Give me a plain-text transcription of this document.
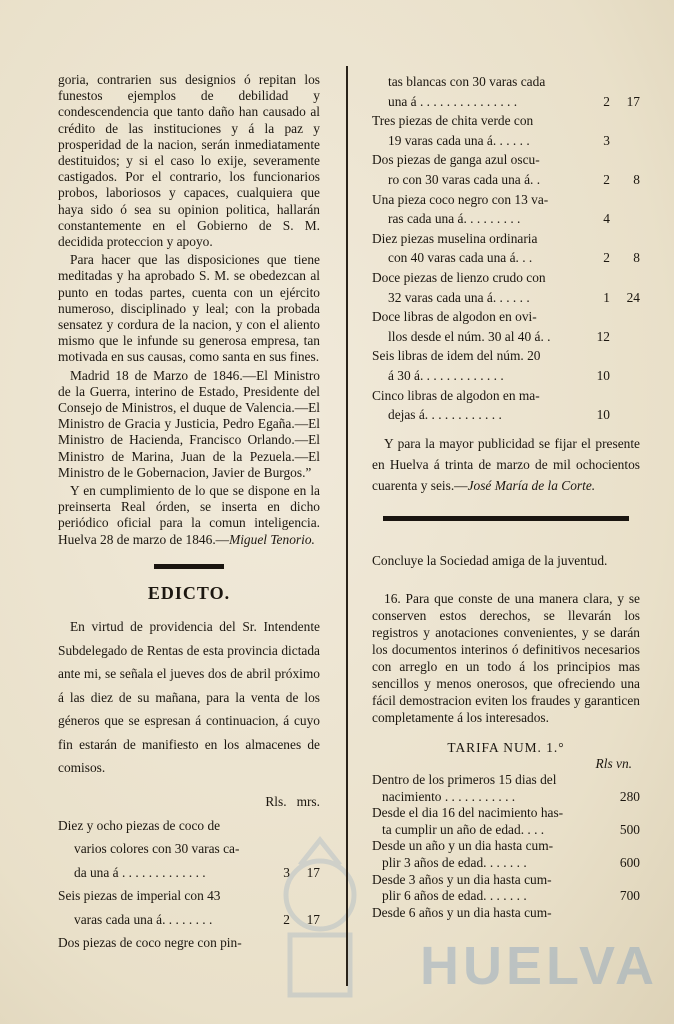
HUELVA

goria, contrarien sus designios ó repitan los funestos ejemplos de debilidad y condescendencia que tanto daño han causado al crédito de las instituciones y á la paz y prosperidad de la nacion, serán inmediatamente destituidos; y si el caso lo exije, severamente castigados. Por el contrario, los funcionarios probos, laboriosos y capaces, cualquiera que haya sido ó sea su opinion politica, hallarán constantemente en el Gobierno de S. M. decidida proteccion y apoyo.

Para hacer que las disposiciones que tiene meditadas y ha aprobado S. M. se obedezcan al punto en todas partes, cuenta con un ejército numeroso, disciplinado y leal; con la probada sensatez y cordura de la nacion, y con el aliento mismo que le infunde su generosa empresa, tan motivada en sus causas, como santa en sus fines.

Madrid 18 de Marzo de 1846.—El Ministro de la Guerra, interino de Estado, Presidente del Consejo de Ministros, el duque de Valencia.—El Ministro de Gracia y Justicia, Pedro Egaña.—El Ministro de Hacienda, Francisco Orlando.—El Ministro de Marina, Juan de la Pezuela.—El Ministro de le Gobernacion, Javier de Burgos.”

Y en cumplimiento de lo que se dispone en la preinserta Real órden, se inserta en dicho periódico oficial para la comun inteligencia. Huelva 28 de marzo de 1846.—Miguel Tenorio.

EDICTO.

En virtud de providencia del Sr. Intendente Subdelegado de Rentas de esta provincia dictada ante mi, se señala el jueves dos de abril próximo á las diez de su mañana, para la venta de los géneros que se espresan á continuacion, á cuyo fin estarán de manifiesto en los almacenes de comisos.

Rls. mrs.
Diez y ocho piezas de coco de
varios colores con 30 varas ca-
da una á . . . . . . . . . . . . .	3	17
Seis piezas de imperial con 43
varas cada una á. . . . . . . .	2	17
Dos piezas de coco negre con pin-
tas blancas con 30 varas cada
una á . . . . . . . . . . . . . . .	2	17
Tres piezas de chita verde con
19 varas cada una á. . . . . .	3
Dos piezas de ganga azul oscu-
ro con 30 varas cada una á. .	2	8
Una pieza coco negro con 13 va-
ras cada una á. . . . . . . . .	4
Diez piezas muselina ordinaria
con 40 varas cada una á. . .	2	8
Doce piezas de lienzo crudo con
32 varas cada una á. . . . . .	1	24
Doce libras de algodon en ovi-
llos desde el núm. 30 al 40 á. .	12
Seis libras de idem del núm. 20
á 30 á. . . . . . . . . . . . .	10
Cinco libras de algodon en ma-
dejas á. . . . . . . . . . . .	10

Y para la mayor publicidad se fijar el presente en Huelva á trinta de marzo de mil ochocientos cuarenta y seis.—José María de la Corte.

Concluye la Sociedad amiga de la juventud.

16. Para que conste de una manera clara, y se conserven estos derechos, se llevarán los registros y anotaciones convenientes, y se darán los documentos interinos ó definitivos necesarios con arreglo en un todo á los principios mas sencillos y menos onerosos, que ofreciendo una fácil demostracion eviten los fraudes y garanticen completamente á los interesados.

TARIFA NUM. 1.°
Rls vn.
Dentro de los primeros 15 dias del
nacimiento . . . . . . . . . . .	280
Desde el dia 16 del nacimiento has-
ta cumplir un año de edad. . . .	500
Desde un año y un dia hasta cum-
plir 3 años de edad. . . . . . .	600
Desde 3 años y un dia hasta cum-
plir 6 años de edad. . . . . . .	700
Desde 6 años y un dia hasta cum-
